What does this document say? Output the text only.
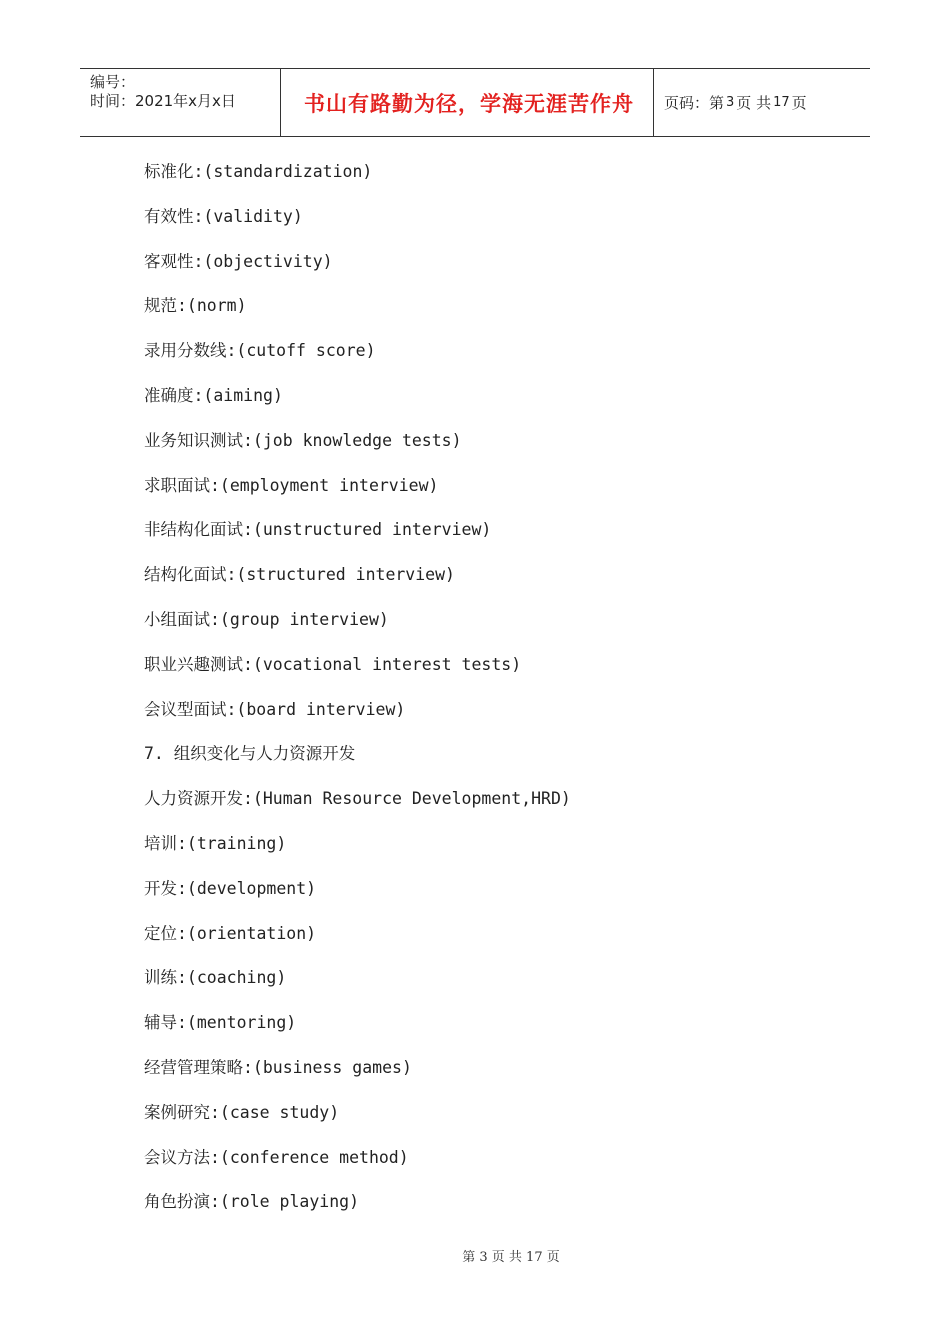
编号：
时间：2021年x月x日	书山有路勤为径，学海无涯苦作舟 页码：第 3 页 共 17 页
标准化:(standardization)
有效性:(validity)
客观性:(objectivity)
规范:(norm)
录用分数线:(cutoff score)
准确度:(aiming)
业务知识测试:(job knowledge tests)
求职面试:(employment interview)
非结构化面试:(unstructured interview)
结构化面试:(structured interview)
小组面试:(group interview)
职业兴趣测试:(vocational interest tests)
会议型面试:(board interview)
7. 组织变化与人力资源开发
人力资源开发:(Human Resource Development,HRD)
培训:(training)
开发:(development)
定位:(orientation)
训练:(coaching)
辅导:(mentoring)
经营管理策略:(business games)
案例研究:(case study)
会议方法:(conference method)
角色扮演:(role playing)
第 3 页 共 17 页
